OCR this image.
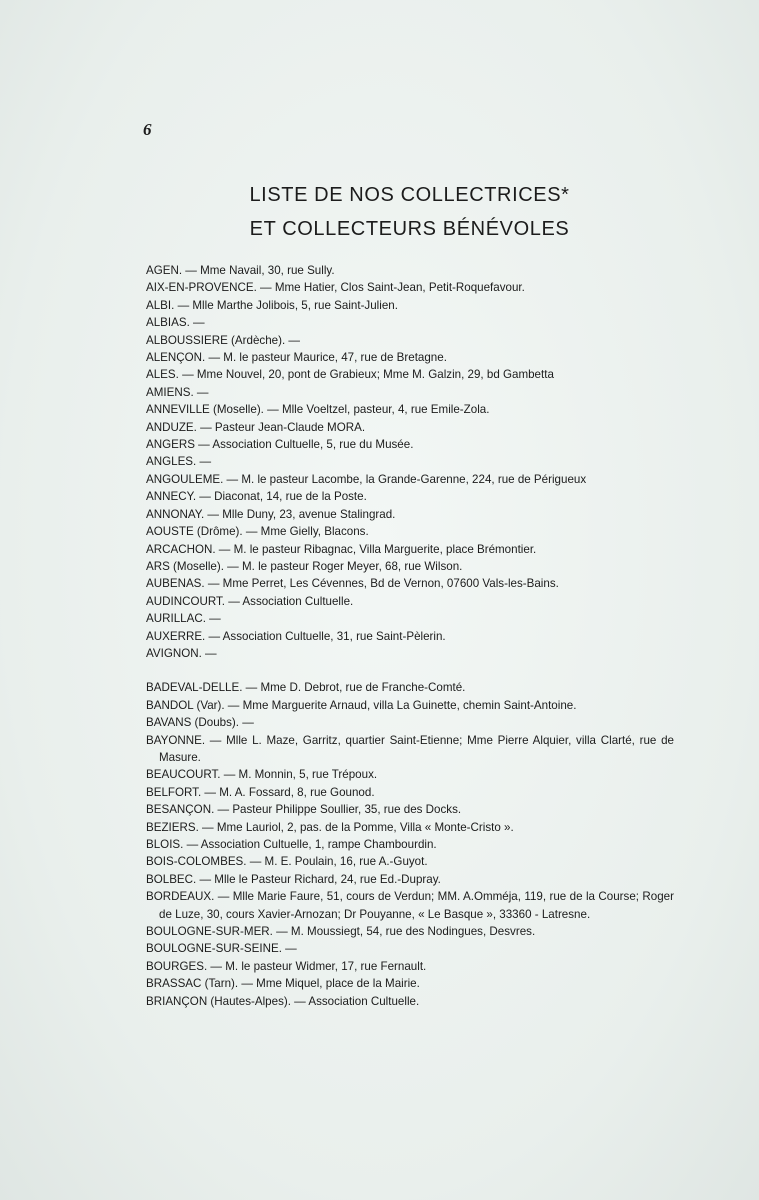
6
LISTE DE NOS COLLECTRICES*
ET COLLECTEURS BÉNÉVOLES

AGEN. — Mme Navail, 30, rue Sully.

AIX-EN-PROVENCE. — Mme Hatier, Clos Saint-Jean, Petit-Roquefavour.

ALBI. — Mlle Marthe Jolibois, 5, rue Saint-Julien.

ALBIAS. —

ALBOUSSIERE (Ardèche). —

ALENÇON. — M. le pasteur Maurice, 47, rue de Bretagne.

ALES. — Mme Nouvel, 20, pont de Grabieux; Mme M. Galzin, 29, bd Gambetta

AMIENS. —

ANNEVILLE (Moselle). — Mlle Voeltzel, pasteur, 4, rue Emile-Zola.

ANDUZE. — Pasteur Jean-Claude MORA.

ANGERS — Association Cultuelle, 5, rue du Musée.

ANGLES. —

ANGOULEME. — M. le pasteur Lacombe, la Grande-Garenne, 224, rue de Périgueux

ANNECY. — Diaconat, 14, rue de la Poste.

ANNONAY. — Mlle Duny, 23, avenue Stalingrad.

AOUSTE (Drôme). — Mme Gielly, Blacons.

ARCACHON. — M. le pasteur Ribagnac, Villa Marguerite, place Brémontier.

ARS (Moselle). — M. le pasteur Roger Meyer, 68, rue Wilson.

AUBENAS. — Mme Perret, Les Cévennes, Bd de Vernon, 07600 Vals-les-Bains.

AUDINCOURT. — Association Cultuelle.

AURILLAC. —

AUXERRE. — Association Cultuelle, 31, rue Saint-Pèlerin.

AVIGNON. —

BADEVAL-DELLE. — Mme D. Debrot, rue de Franche-Comté.

BANDOL (Var). — Mme Marguerite Arnaud, villa La Guinette, chemin Saint-Antoine.

BAVANS (Doubs). —

BAYONNE. — Mlle L. Maze, Garritz, quartier Saint-Etienne; Mme Pierre Alquier, villa Clarté, rue de Masure.

BEAUCOURT. — M. Monnin, 5, rue Trépoux.

BELFORT. — M. A. Fossard, 8, rue Gounod.

BESANÇON. — Pasteur Philippe Soullier, 35, rue des Docks.

BEZIERS. — Mme Lauriol, 2, pas. de la Pomme, Villa « Monte-Cristo ».

BLOIS. — Association Cultuelle, 1, rampe Chambourdin.

BOIS-COLOMBES. — M. E. Poulain, 16, rue A.-Guyot.

BOLBEC. — Mlle le Pasteur Richard, 24, rue Ed.-Dupray.

BORDEAUX. — Mlle Marie Faure, 51, cours de Verdun; MM. A.Omméja, 119, rue de la Course; Roger de Luze, 30, cours Xavier-Arnozan; Dr Pouyanne, « Le Basque », 33360 - Latresne.

BOULOGNE-SUR-MER. — M. Moussiegt, 54, rue des Nodingues, Desvres.

BOULOGNE-SUR-SEINE. —

BOURGES. — M. le pasteur Widmer, 17, rue Fernault.

BRASSAC (Tarn). — Mme Miquel, place de la Mairie.

BRIANÇON (Hautes-Alpes). — Association Cultuelle.
